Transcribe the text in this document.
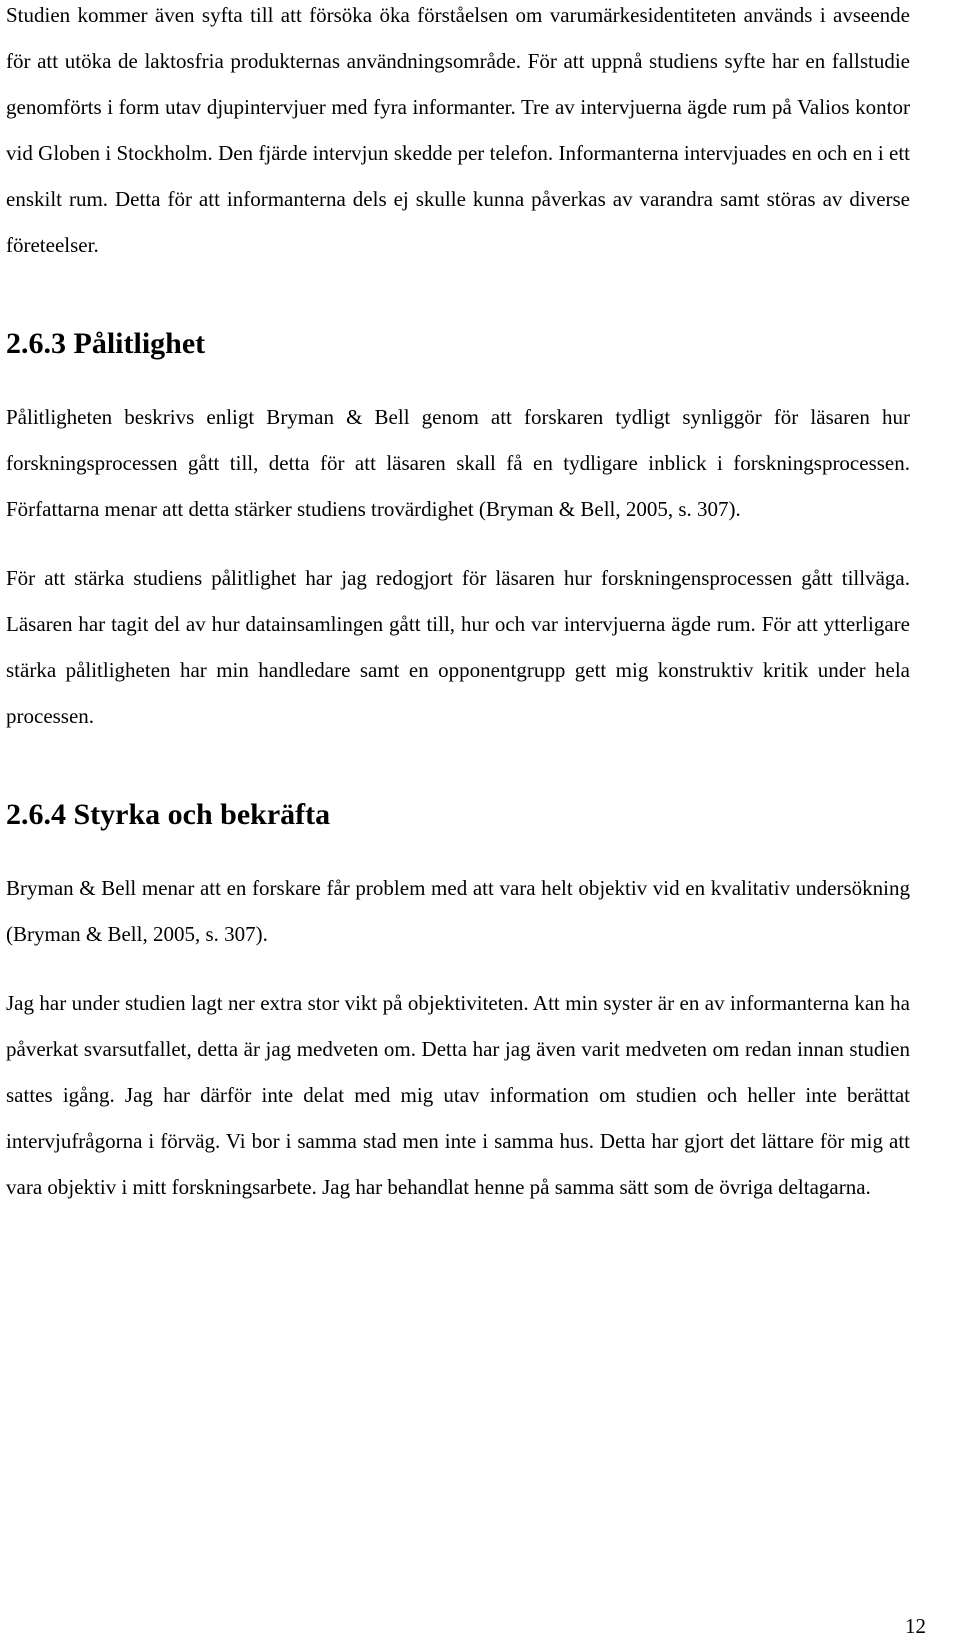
Studien kommer även syfta till att försöka öka förståelsen om varumärkesidentiteten används i avseende för att utöka de laktosfria produkternas användningsområde. För att uppnå studiens syfte har en fallstudie genomförts i form utav djupintervjuer med fyra informanter. Tre av intervjuerna ägde rum på Valios kontor vid Globen i Stockholm. Den fjärde intervjun skedde per telefon. Informanterna intervjuades en och en i ett enskilt rum. Detta för att informanterna dels ej skulle kunna påverkas av varandra samt störas av diverse företeelser.

2.6.3 Pålitlighet

Pålitligheten beskrivs enligt Bryman & Bell genom att forskaren tydligt synliggör för läsaren hur forskningsprocessen gått till, detta för att läsaren skall få en tydligare inblick i forskningsprocessen. Författarna menar att detta stärker studiens trovärdighet (Bryman & Bell, 2005, s. 307).

För att stärka studiens pålitlighet har jag redogjort för läsaren hur forskningensprocessen gått tillväga. Läsaren har tagit del av hur datainsamlingen gått till, hur och var intervjuerna ägde rum. För att ytterligare stärka pålitligheten har min handledare samt en opponentgrupp gett mig konstruktiv kritik under hela processen.

2.6.4 Styrka och bekräfta

Bryman & Bell menar att en forskare får problem med att vara helt objektiv vid en kvalitativ undersökning (Bryman & Bell, 2005, s. 307).

Jag har under studien lagt ner extra stor vikt på objektiviteten. Att min syster är en av informanterna kan ha påverkat svarsutfallet, detta är jag medveten om. Detta har jag även varit medveten om redan innan studien sattes igång. Jag har därför inte delat med mig utav information om studien och heller inte berättat intervjufrågorna i förväg. Vi bor i samma stad men inte i samma hus. Detta har gjort det lättare för mig att vara objektiv i mitt forskningsarbete. Jag har behandlat henne på samma sätt som de övriga deltagarna.

12
